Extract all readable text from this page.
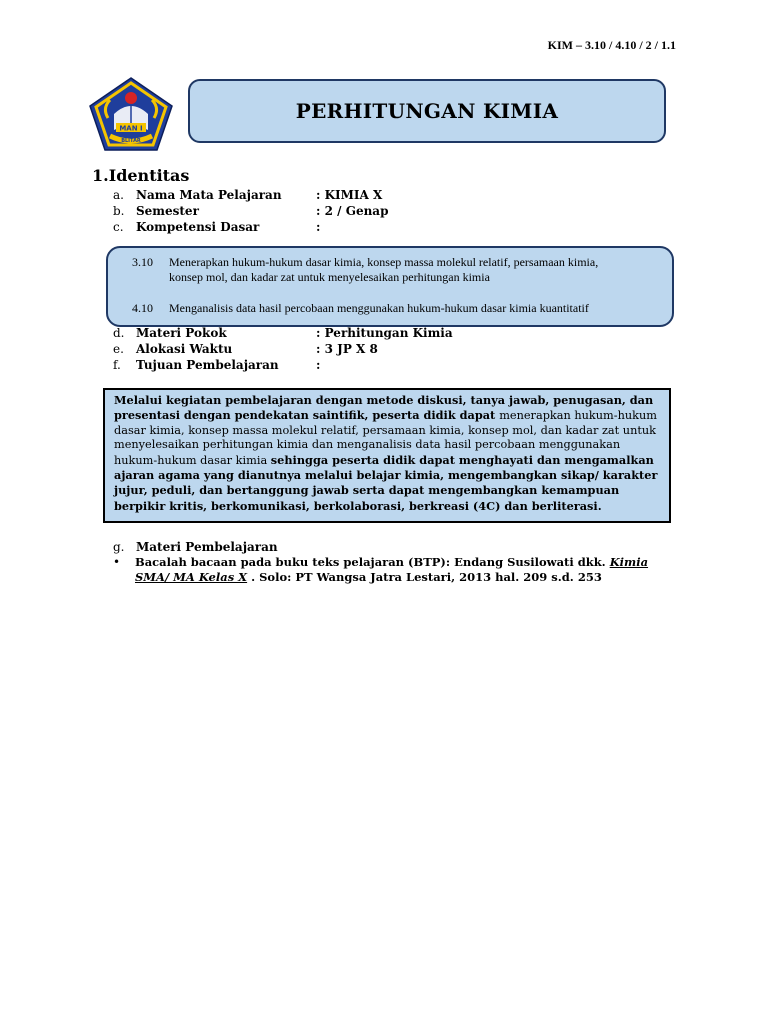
KIM – 3.10 / 4.10 / 2 / 1.1
MAN I
BLITAR
PERHITUNGAN KIMIA
1.Identitas
a. Nama Mata Pelajaran	: KIMIA X
b. Semester	: 2 / Genap
c. Kompetensi Dasar	:
3.10 Menerapkan hukum-hukum dasar kimia, konsep massa molekul relatif, persamaan kimia, konsep mol, dan kadar zat untuk menyelesaikan perhitungan kimia
4.10 Menganalisis data hasil percobaan menggunakan hukum-hukum dasar kimia kuantitatif
d. Materi Pokok	: Perhitungan Kimia
e. Alokasi Waktu	: 3 JP X 8
f. Tujuan Pembelajaran	:
Melalui kegiatan pembelajaran dengan metode diskusi, tanya jawab, penugasan, dan presentasi dengan pendekatan saintifik, peserta didik dapat menerapkan hukum-hukum dasar kimia, konsep massa molekul relatif, persamaan kimia, konsep mol, dan kadar zat untuk menyelesaikan perhitungan kimia dan menganalisis data hasil percobaan menggunakan hukum-hukum dasar kimia sehingga peserta didik dapat menghayati dan mengamalkan ajaran agama yang dianutnya melalui belajar kimia, mengembangkan sikap/ karakter jujur, peduli, dan bertanggung jawab serta dapat mengembangkan kemampuan berpikir kritis, berkomunikasi, berkolaborasi, berkreasi (4C) dan berliterasi.
g. Materi Pembelajaran
• Bacalah bacaan pada buku teks pelajaran (BTP): Endang Susilowati dkk. Kimia SMA/ MA Kelas X . Solo: PT Wangsa Jatra Lestari, 2013 hal. 209 s.d. 253
